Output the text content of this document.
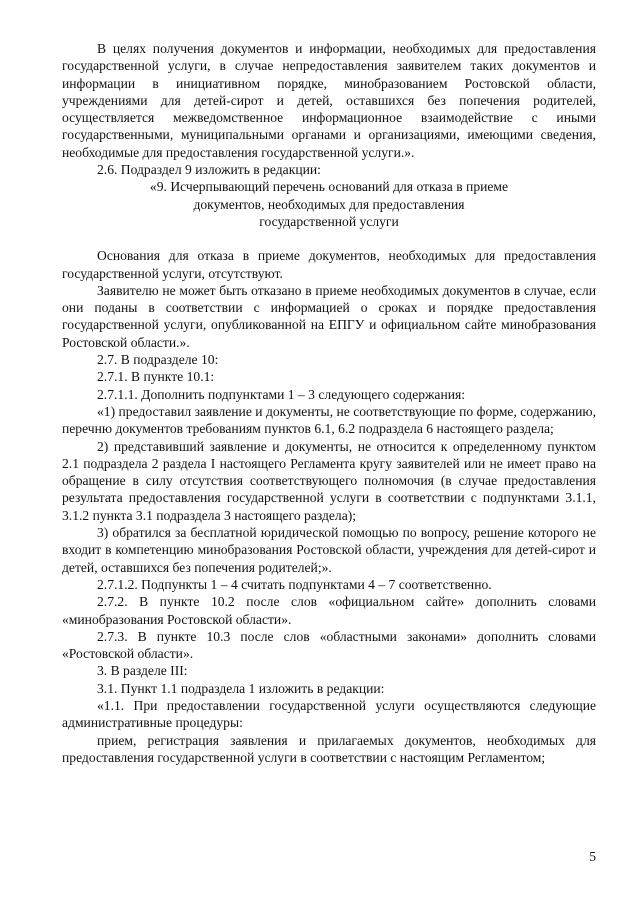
В целях получения документов и информации, необходимых для предоставления государственной услуги, в случае непредоставления заявителем таких документов и информации в инициативном порядке, минобразованием Ростовской области, учреждениями для детей-сирот и детей, оставшихся без попечения родителей, осуществляется межведомственное информационное взаимодействие с иными государственными, муниципальными органами и организациями, имеющими сведения, необходимые для предоставления государственной услуги.».

2.6. Подраздел 9 изложить в редакции:

«9. Исчерпывающий перечень оснований для отказа в приеме

документов, необходимых для предоставления

государственной услуги

Основания для отказа в приеме документов, необходимых для предоставления государственной услуги, отсутствуют.

Заявителю не может быть отказано в приеме необходимых документов в случае, если они поданы в соответствии с информацией о сроках и порядке предоставления государственной услуги, опубликованной на ЕПГУ и официальном сайте минобразования Ростовской области.».

2.7. В подразделе 10:

2.7.1. В пункте 10.1:

2.7.1.1. Дополнить подпунктами 1 – 3 следующего содержания:

«1) предоставил заявление и документы, не соответствующие по форме, содержанию, перечню документов требованиям пунктов 6.1, 6.2 подраздела 6 настоящего раздела;

2) представивший заявление и документы, не относится к определенному пунктом 2.1 подраздела 2 раздела I настоящего Регламента кругу заявителей или не имеет право на обращение в силу отсутствия соответствующего полномочия (в случае предоставления результата предоставления государственной услуги в соответствии с подпунктами 3.1.1, 3.1.2 пункта 3.1 подраздела 3 настоящего раздела);

3) обратился за бесплатной юридической помощью по вопросу, решение которого не входит в компетенцию минобразования Ростовской области, учреждения для детей-сирот и детей, оставшихся без попечения родителей;».

2.7.1.2. Подпункты 1 – 4 считать подпунктами 4 – 7 соответственно.

2.7.2. В пункте 10.2 после слов «официальном сайте» дополнить словами «минобразования Ростовской области».

2.7.3. В пункте 10.3 после слов «областными законами» дополнить словами «Ростовской области».

3. В разделе III:

3.1. Пункт 1.1 подраздела 1 изложить в редакции:

«1.1. При предоставлении государственной услуги осуществляются следующие административные процедуры:

прием, регистрация заявления и прилагаемых документов, необходимых для предоставления государственной услуги в соответствии с настоящим Регламентом;

5
